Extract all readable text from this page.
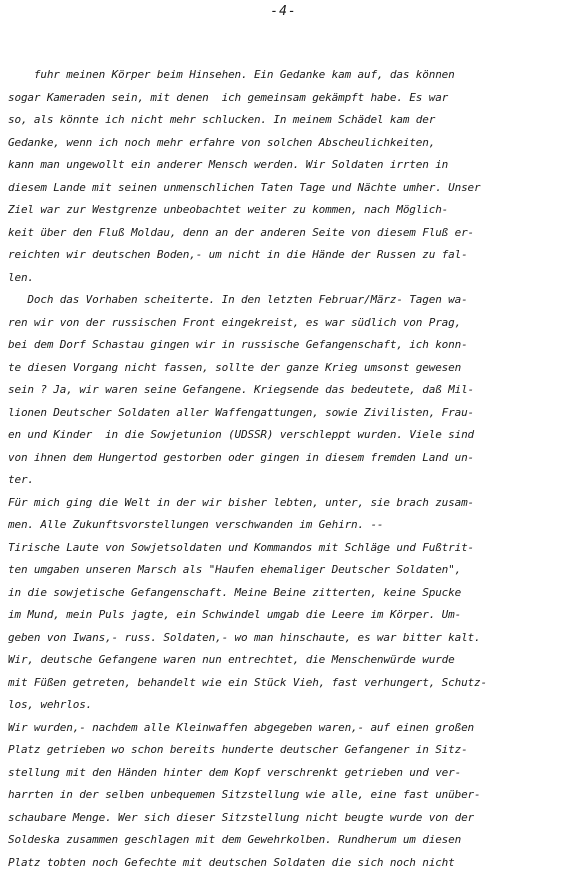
-4-
fuhr meinen Körper beim Hinsehen. Ein Gedanke kam auf, das können
sogar Kameraden sein, mit denen  ich gemeinsam gekämpft habe. Es war
so, als könnte ich nicht mehr schlucken. In meinem Schädel kam der
Gedanke, wenn ich noch mehr erfahre von solchen Abscheulichkeiten,
kann man ungewollt ein anderer Mensch werden. Wir Soldaten irrten in
diesem Lande mit seinen unmenschlichen Taten Tage und Nächte umher. Unser
Ziel war zur Westgrenze unbeobachtet weiter zu kommen, nach Möglich-
keit über den Fluß Moldau, denn an der anderen Seite von diesem Fluß er-
reichten wir deutschen Boden,- um nicht in die Hände der Russen zu fal-
len.
Doch das Vorhaben scheiterte. In den letzten Februar/März- Tagen wa-
ren wir von der russischen Front eingekreist, es war südlich von Prag,
bei dem Dorf Schastau gingen wir in russische Gefangenschaft, ich konn-
te diesen Vorgang nicht fassen, sollte der ganze Krieg umsonst gewesen
sein ? Ja, wir waren seine Gefangene. Kriegsende das bedeutete, daß Mil-
lionen Deutscher Soldaten aller Waffengattungen, sowie Zivilisten, Frau-
en und Kinder  in die Sowjetunion (UDSSR) verschleppt wurden. Viele sind
von ihnen dem Hungertod gestorben oder gingen in diesem fremden Land un-
ter.
Für mich ging die Welt in der wir bisher lebten, unter, sie brach zusam-
men. Alle Zukunftsvorstellungen verschwanden im Gehirn. --
Tirische Laute von Sowjetsoldaten und Kommandos mit Schläge und Fußtrit-
ten umgaben unseren Marsch als "Haufen ehemaliger Deutscher Soldaten",
in die sowjetische Gefangenschaft. Meine Beine zitterten, keine Spucke
im Mund, mein Puls jagte, ein Schwindel umgab die Leere im Körper. Um-
geben von Iwans,- russ. Soldaten,- wo man hinschaute, es war bitter kalt.
Wir, deutsche Gefangene waren nun entrechtet, die Menschenwürde wurde
mit Füßen getreten, behandelt wie ein Stück Vieh, fast verhungert, Schutz-
los, wehrlos.
Wir wurden,- nachdem alle Kleinwaffen abgegeben waren,- auf einen großen
Platz getrieben wo schon bereits hunderte deutscher Gefangener in Sitz-
stellung mit den Händen hinter dem Kopf verschrenkt getrieben und ver-
harrten in der selben unbequemen Sitzstellung wie alle, eine fast unüber-
schaubare Menge. Wer sich dieser Sitzstellung nicht beugte wurde von der
Soldeska zusammen geschlagen mit dem Gewehrkolben. Rundherum um diesen
Platz tobten noch Gefechte mit deutschen Soldaten die sich noch nicht
